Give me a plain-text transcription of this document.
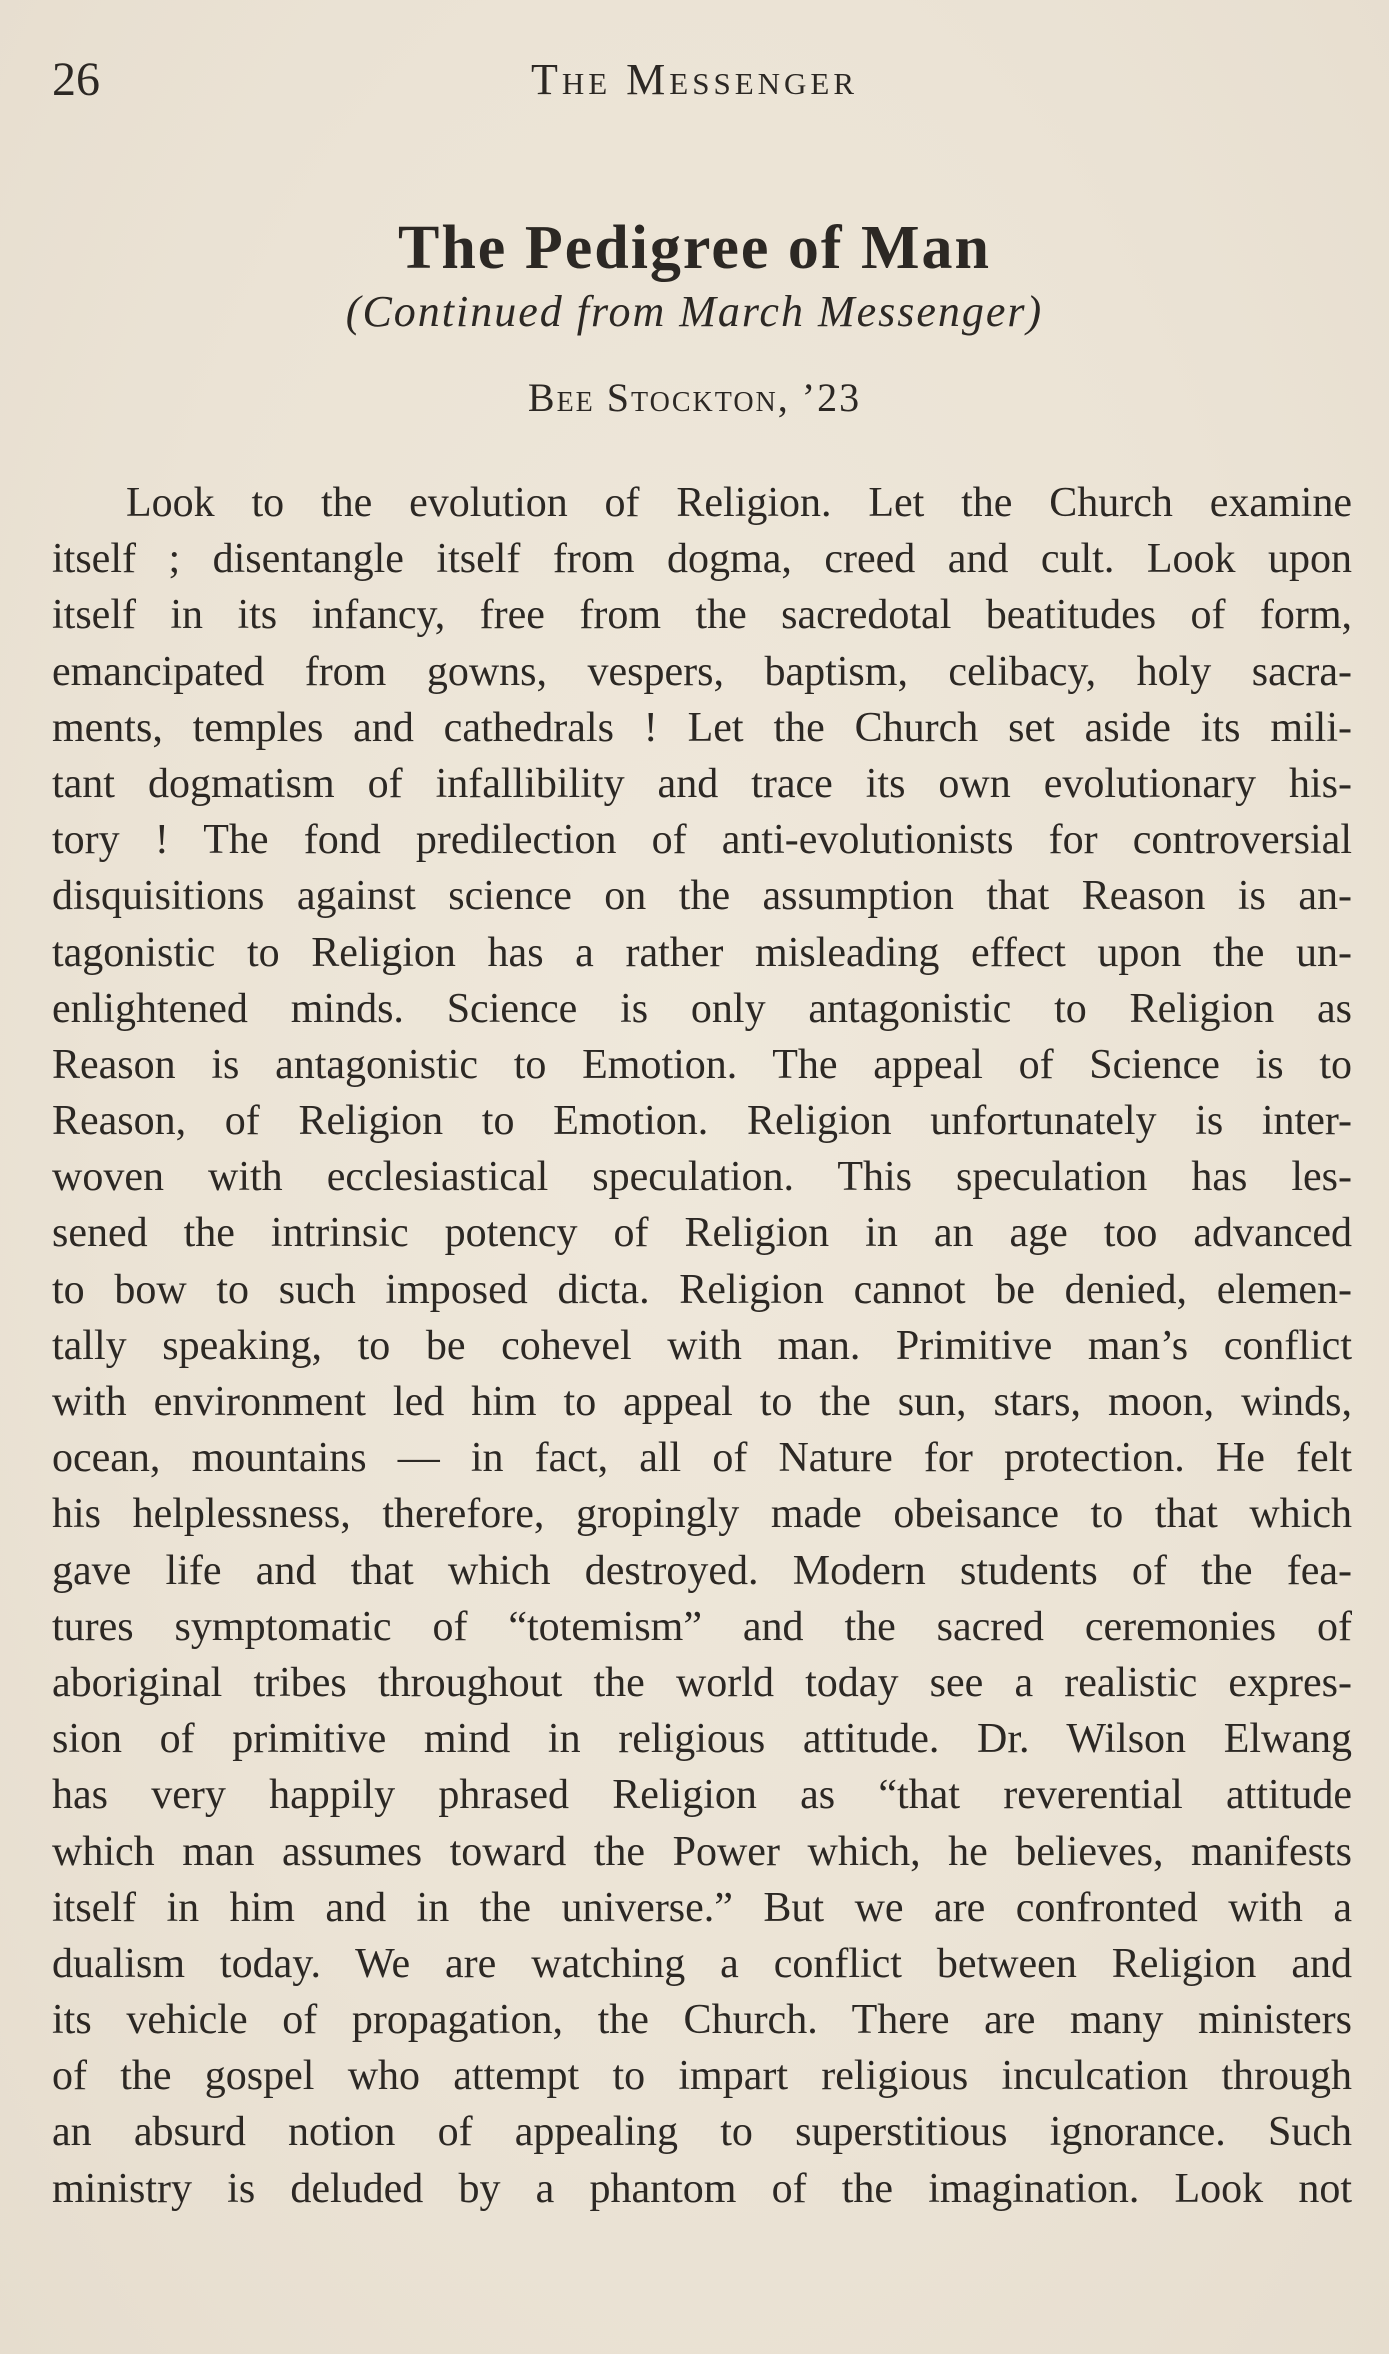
26	The Messenger
The Pedigree of Man
(Continued from March Messenger)
Bee Stockton, ’23
Look to the evolution of Religion. Let the Church examine
itself ; disentangle itself from dogma, creed and cult. Look upon
itself in its infancy, free from the sacredotal beatitudes of form,
emancipated from gowns, vespers, baptism, celibacy, holy sacra-
ments, temples and cathedrals ! Let the Church set aside its mili-
tant dogmatism of infallibility and trace its own evolutionary his-
tory ! The fond predilection of anti-evolutionists for controversial
disquisitions against science on the assumption that Reason is an-
tagonistic to Religion has a rather misleading effect upon the un-
enlightened minds. Science is only antagonistic to Religion as
Reason is antagonistic to Emotion. The appeal of Science is to
Reason, of Religion to Emotion. Religion unfortunately is inter-
woven with ecclesiastical speculation. This speculation has les-
sened the intrinsic potency of Religion in an age too advanced
to bow to such imposed dicta. Religion cannot be denied, elemen-
tally speaking, to be cohevel with man. Primitive man’s conflict
with environment led him to appeal to the sun, stars, moon, winds,
ocean, mountains — in fact, all of Nature for protection. He felt
his helplessness, therefore, gropingly made obeisance to that which
gave life and that which destroyed. Modern students of the fea-
tures symptomatic of “totemism” and the sacred ceremonies of
aboriginal tribes throughout the world today see a realistic expres-
sion of primitive mind in religious attitude. Dr. Wilson Elwang
has very happily phrased Religion as “that reverential attitude
which man assumes toward the Power which, he believes, manifests
itself in him and in the universe.” But we are confronted with a
dualism today. We are watching a conflict between Religion and
its vehicle of propagation, the Church. There are many ministers
of the gospel who attempt to impart religious inculcation through
an absurd notion of appealing to superstitious ignorance. Such
ministry is deluded by a phantom of the imagination. Look not
